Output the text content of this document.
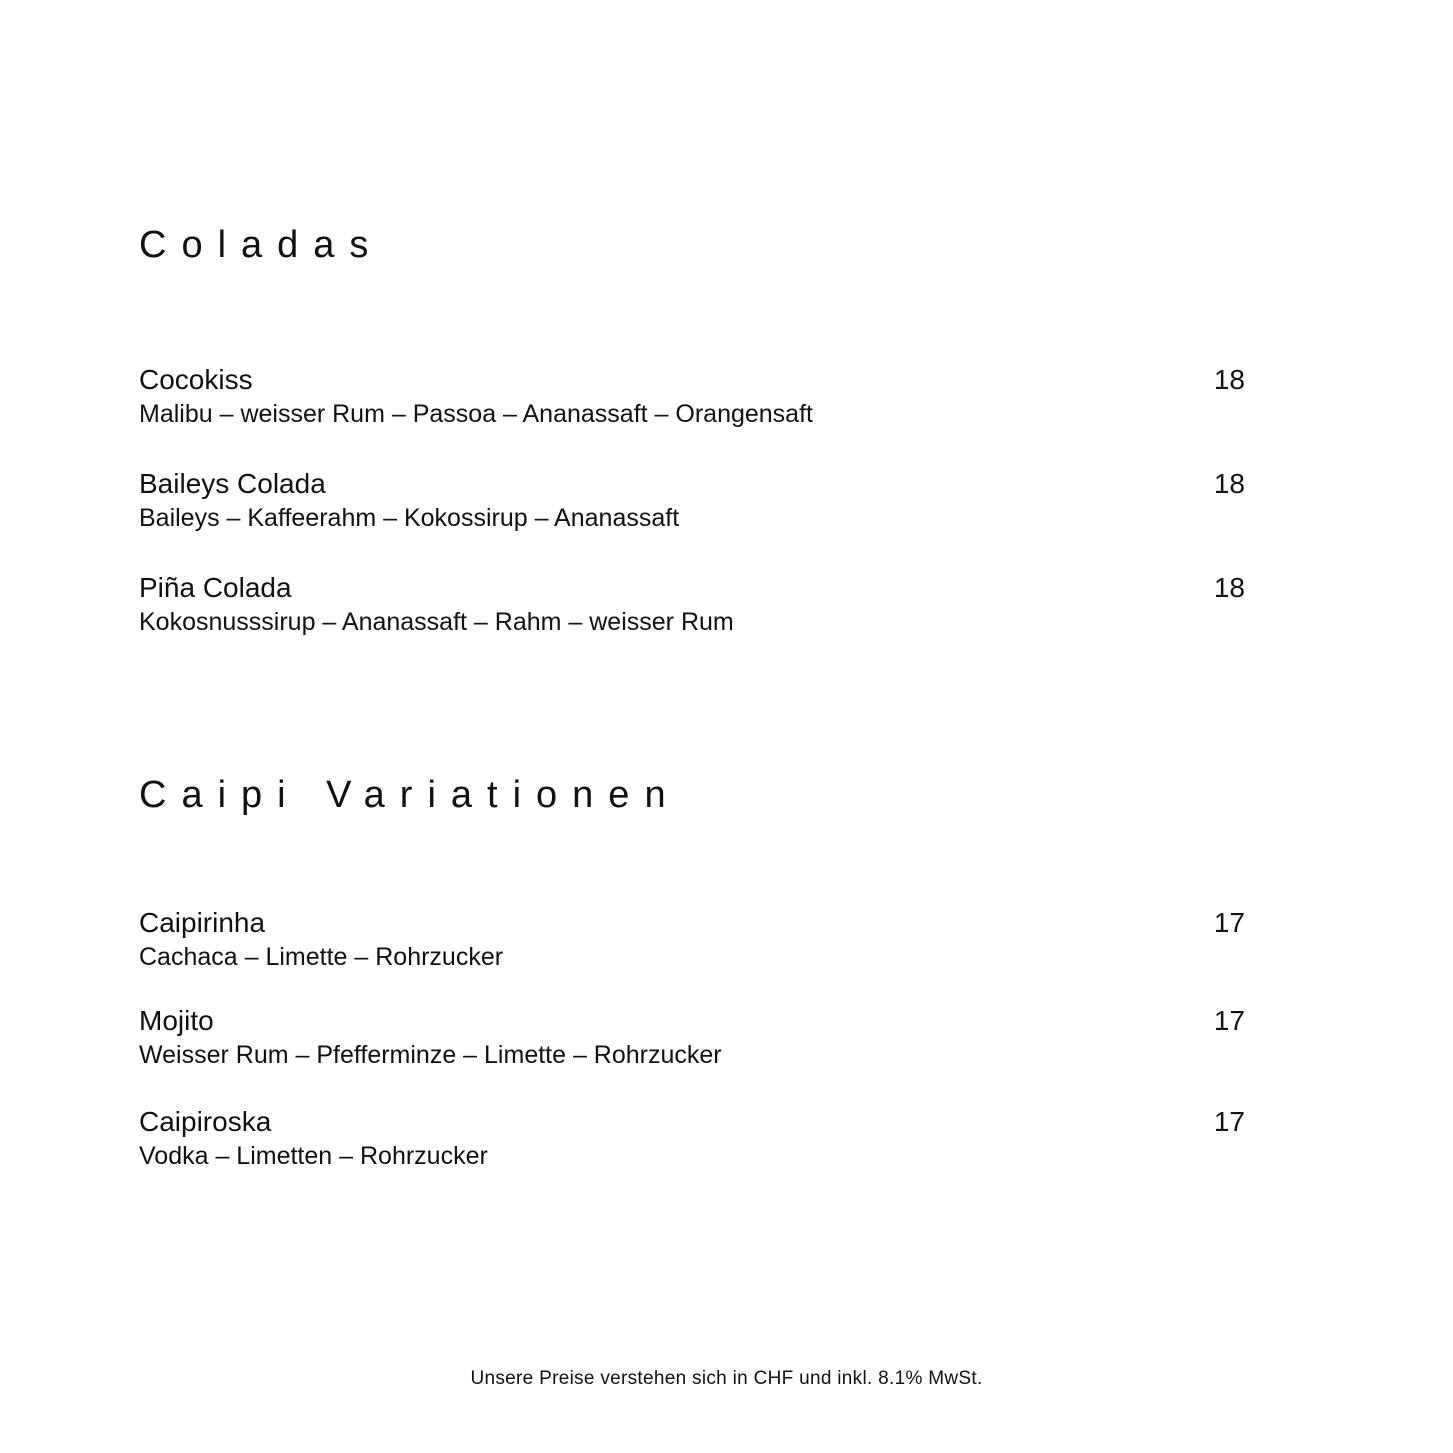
Coladas
Cocokiss	18
Malibu – weisser Rum – Passoa – Ananassaft – Orangensaft
Baileys Colada	18
Baileys – Kaffeerahm – Kokossirup – Ananassaft
Piña Colada	18
Kokosnusssirup – Ananassaft – Rahm – weisser Rum
Caipi Variationen
Caipirinha	17
Cachaca – Limette – Rohrzucker
Mojito	17
Weisser Rum – Pfefferminze – Limette – Rohrzucker
Caipiroska	17
Vodka – Limetten – Rohrzucker
Unsere Preise verstehen sich in CHF und inkl. 8.1% MwSt.
